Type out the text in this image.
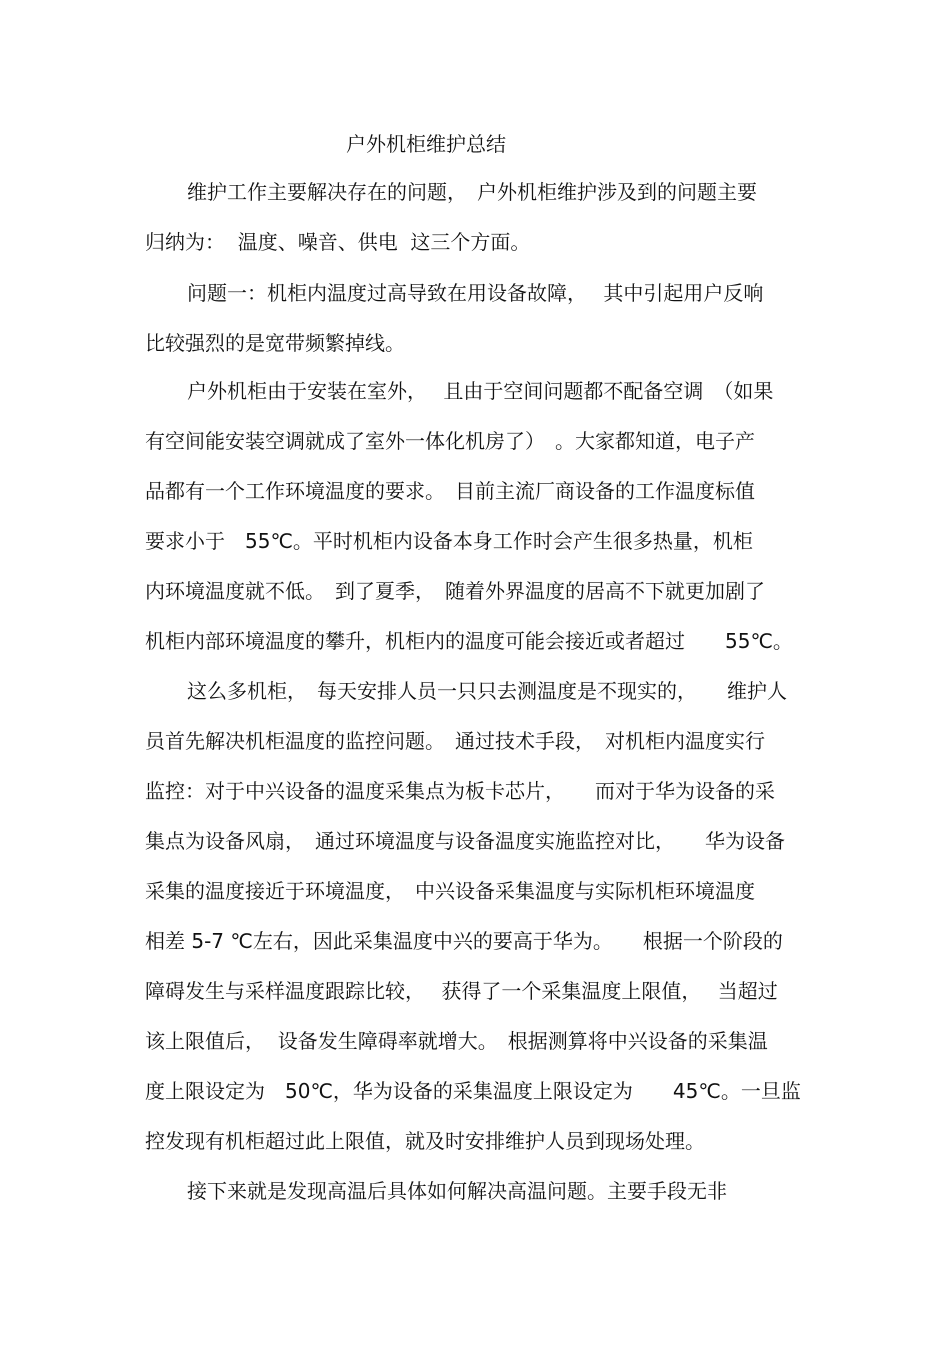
户外机柜维护总结
维护工作主要解决存在的问题，　户外机柜维护涉及到的问题主要
归纳为：  温度、噪音、供电  这三个方面。
问题一：机柜内温度过高导致在用设备故障，　 其中引起用户反响
比较强烈的是宽带频繁掉线。
户外机柜由于安装在室外，　 且由于空间问题都不配备空调　（如果
有空间能安装空调就成了室外一体化机房了）　。大家都知道，电子产
品都有一个工作环境温度的要求。　目前主流厂商设备的工作温度标值
要求小于　55℃。平时机柜内设备本身工作时会产生很多热量，机柜
内环境温度就不低。　到了夏季，　随着外界温度的居高不下就更加剧了
机柜内部环境温度的攀升，机柜内的温度可能会接近或者超过　　55℃。
这么多机柜，　每天安排人员一只只去测温度是不现实的，　　维护人
员首先解决机柜温度的监控问题。　通过技术手段，　对机柜内温度实行
监控：对于中兴设备的温度采集点为板卡芯片，　　而对于华为设备的采
集点为设备风扇，　通过环境温度与设备温度实施监控对比，　　华为设备
采集的温度接近于环境温度，　中兴设备采集温度与实际机柜环境温度
相差 5-7 ℃左右，因此采集温度中兴的要高于华为。　　根据一个阶段的
障碍发生与采样温度跟踪比较，　 获得了一个采集温度上限值，　 当超过
该上限值后，  设备发生障碍率就增大。　根据测算将中兴设备的采集温
度上限设定为　50℃，华为设备的采集温度上限设定为　　45℃。一旦监
控发现有机柜超过此上限值，就及时安排维护人员到现场处理。
接下来就是发现高温后具体如何解决高温问题。主要手段无非
